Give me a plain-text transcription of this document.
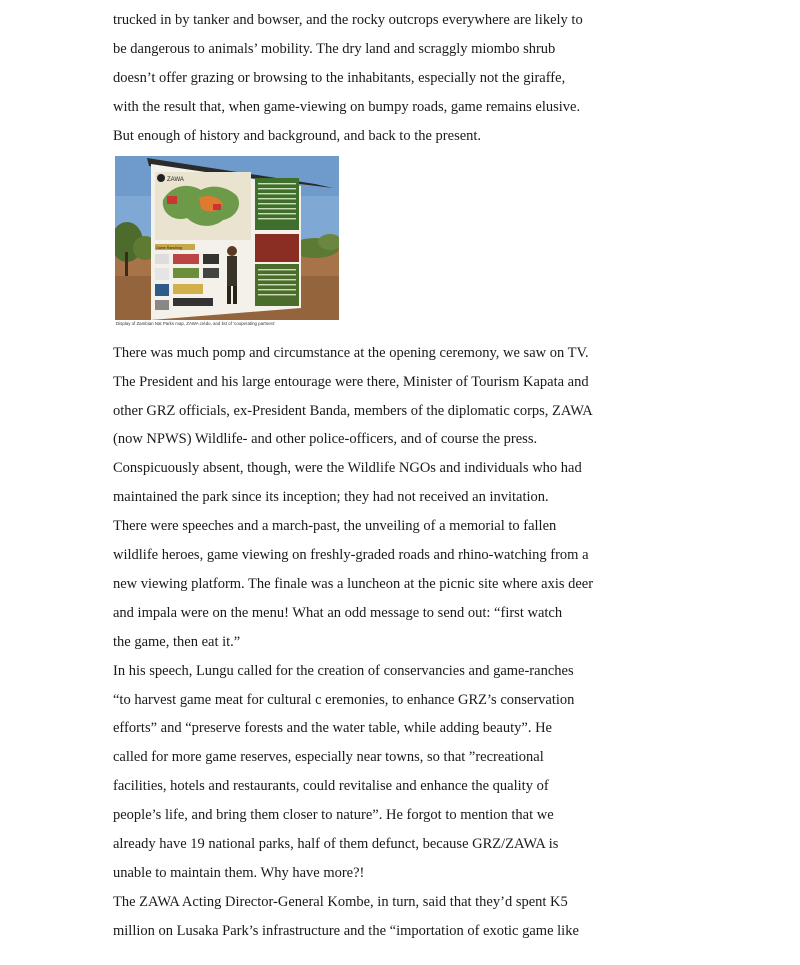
trucked in by tanker and bowser, and the rocky outcrops everywhere are likely to

be dangerous to animals’ mobility. The dry land and scraggly miombo shrub

doesn’t offer grazing or browsing to the inhabitants, especially not the giraffe,

with the result that, when game-viewing on bumpy roads, game remains elusive.

But enough of history and background, and back to the present.

ZAWA
Game Ranching
Display of Zambian Nat Parks map, ZAWA crédo, and list of ‘cooperating partners’

There was much pomp and circumstance at the opening ceremony, we saw on TV.

The President and his large entourage were there, Minister of Tourism Kapata and

other GRZ officials, ex-President Banda, members of the diplomatic corps, ZAWA

(now NPWS) Wildlife- and other police-officers, and of course the press.

Conspicuously absent, though, were the Wildlife NGOs and individuals who had

maintained the park since its inception; they had not received an invitation.

There were speeches and a march-past, the unveiling of a memorial to fallen

wildlife heroes, game viewing on freshly-graded roads and rhino-watching from a

new viewing platform. The finale was a luncheon at the picnic site where axis deer

and impala were on the menu! What an odd message to send out: “first watch

the game, then eat it.”

In his speech, Lungu called for the creation of conservancies and game-ranches

“to harvest game meat for cultural c eremonies, to enhance GRZ’s conservation

efforts” and “preserve forests and the water table, while adding beauty”. He

called for more game reserves, especially near towns, so that ”recreational

facilities, hotels and restaurants, could revitalise and enhance the quality of

people’s life, and bring them closer to nature”. He forgot to mention that we

already have 19 national parks, half of them defunct, because GRZ/ZAWA is

unable to maintain them. Why have more?!

The ZAWA Acting Director-General Kombe, in turn, said that they’d spent K5

million on Lusaka Park’s infrastructure and the “importation of exotic game like
